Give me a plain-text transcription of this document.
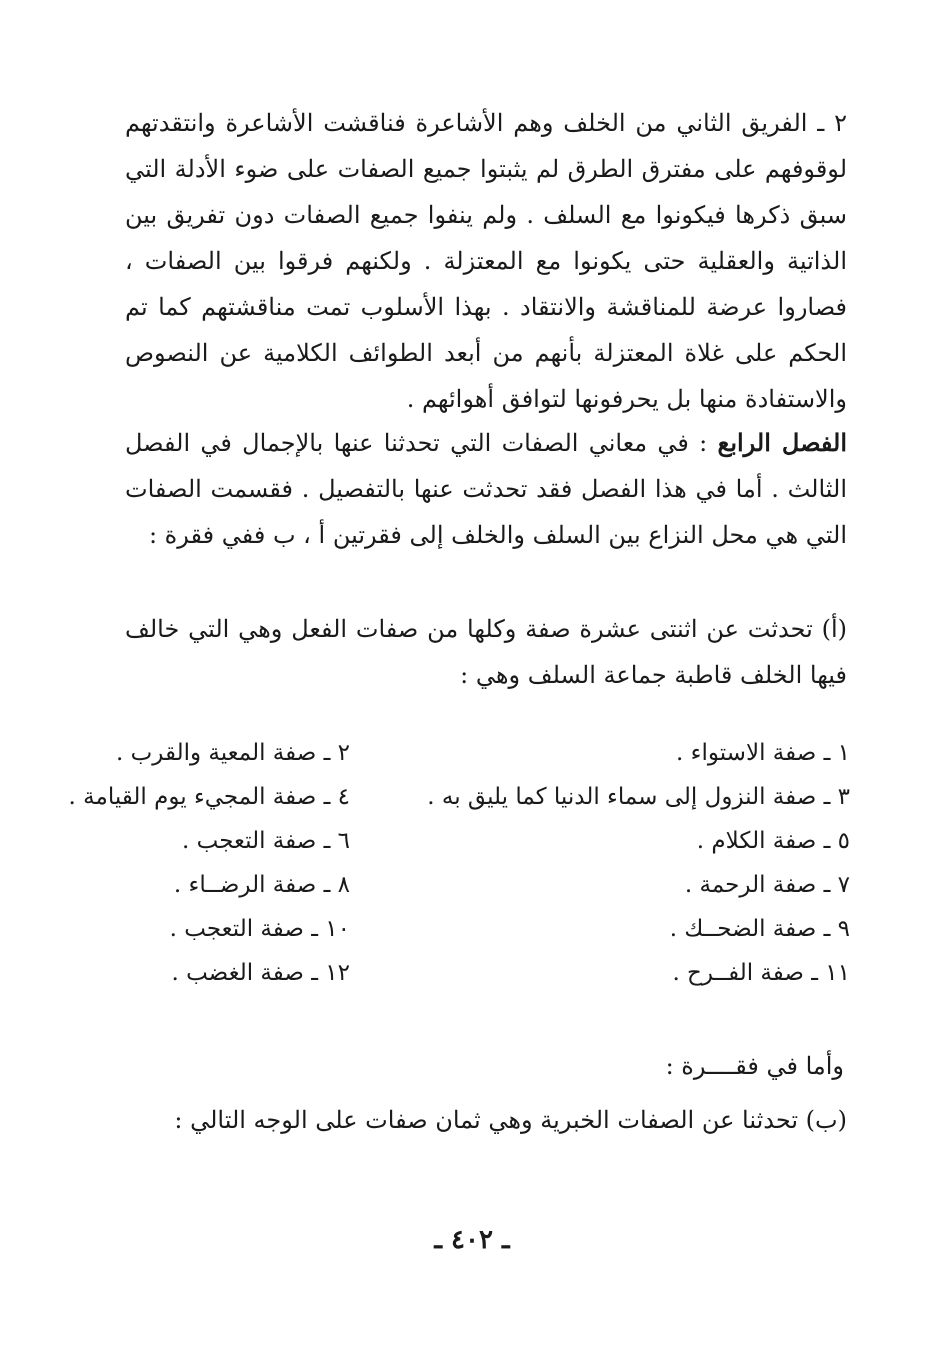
٢ ـ الفريق الثاني من الخلف وهم الأشاعرة فناقشت الأشاعرة وانتقدتهم لوقوفهم على مفترق الطرق لم يثبتوا جميع الصفات على ضوء الأدلة التي سبق ذكرها فيكونوا مع السلف . ولم ينفوا جميع الصفات دون تفريق بين الذاتية والعقلية حتى يكونوا مع المعتزلة . ولكنهم فرقوا بين الصفات ، فصاروا عرضة للمناقشة والانتقاد . بهذا الأسلوب تمت مناقشتهم كما تم الحكم على غلاة المعتزلة بأنهم من أبعد الطوائف الكلامية عن النصوص والاستفادة منها بل يحرفونها لتوافق أهوائهم .

الفصل الرابع : في معاني الصفات التي تحدثنا عنها بالإجمال في الفصل الثالث . أما في هذا الفصل فقد تحدثت عنها بالتفصيل . فقسمت الصفات التي هي محل النزاع بين السلف والخلف إلى فقرتين أ ، ب ففي فقرة :

(أ) تحدثت عن اثنتى عشرة صفة وكلها من صفات الفعل وهي التي خالف فيها الخلف قاطبة جماعة السلف وهي :

١ ـ صفة الاستواء .
٢ ـ صفة المعية والقرب .
٣ ـ صفة النزول إلى سماء الدنيا كما يليق به .
٤ ـ صفة المجيء يوم القيامة .
٥ ـ صفة الكلام .
٦ ـ صفة التعجب .
٧ ـ صفة الرحمة .
٨ ـ صفة الرضــاء .
٩ ـ صفة الضحــك .
١٠ ـ صفة التعجب .
١١ ـ صفة الفــرح .
١٢ ـ صفة الغضب .
وأما في فقــــرة :

(ب) تحدثنا عن الصفات الخبرية وهي ثمان صفات على الوجه التالي :

ـ ٤٠٢ ـ
